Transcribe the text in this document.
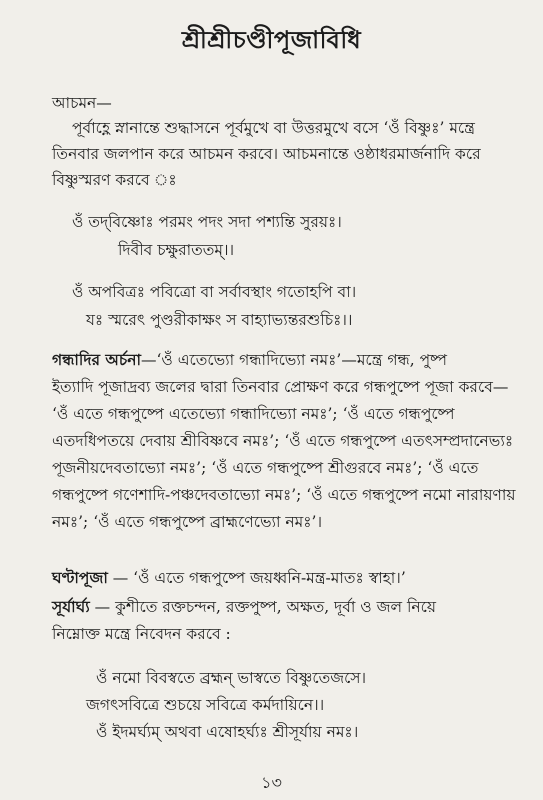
শ্রীশ্রীচণ্ডীপূজাবিধি
আচমন—
পূর্বাহ্ণে স্নানান্তে শুদ্ধাসনে পূর্বমুখে বা উত্তরমুখে বসে ‘ওঁ বিষ্ণুঃ’ মন্ত্রে
তিনবার জলপান করে আচমন করবে। আচমনান্তে ওষ্ঠাধরমার্জনাদি করে
বিষ্ণুস্মরণ করবে ঃ
ওঁ তদ্‌বিষ্ণোঃ পরমং পদং সদা পশ্যন্তি সুরয়ঃ।
দিবীব চক্ষুরাততম্‌।।
ওঁ অপবিত্রঃ পবিত্রো বা সর্বাবস্থাং গতোহপি বা।
যঃ স্মরেৎ পুণ্ডরীকাক্ষং স বাহ্যাভ্যন্তরশুচিঃ।।
গন্ধাদির অর্চনা—‘ওঁ এতেভ্যো গন্ধাদিভ্যো নমঃ’—মন্ত্রে গন্ধ, পুষ্প
ইত্যাদি পূজাদ্রব্য জলের দ্বারা তিনবার প্রোক্ষণ করে গন্ধপুষ্পে পূজা করবে—
‘ওঁ এতে গন্ধপুষ্পে এতেভ্যো গন্ধাদিভ্যো নমঃ’; ‘ওঁ এতে গন্ধপুষ্পে
এতদধিপতয়ে দেবায় শ্রীবিষ্ণবে নমঃ’; ‘ওঁ এতে গন্ধপুষ্পে এতৎসম্প্রদানেভ্যঃ
পূজনীয়দেবতাভ্যো নমঃ’; ‘ওঁ এতে গন্ধপুষ্পে শ্রীগুরবে নমঃ’; ‘ওঁ এতে
গন্ধপুষ্পে গণেশাদি-পঞ্চদেবতাভ্যো নমঃ’; ‘ওঁ এতে গন্ধপুষ্পে নমো নারায়ণায়
নমঃ’; ‘ওঁ এতে গন্ধপুষ্পে ব্রাহ্মণেভ্যো নমঃ’।
ঘণ্টাপূজা — ‘ওঁ এতে গন্ধপুষ্পে জয়ধ্বনি-মন্ত্র-মাতঃ স্বাহা।’
সূর্যার্ঘ্য — কুশীতে রক্তচন্দন, রক্তপুষ্প, অক্ষত, দূর্বা ও জল নিয়ে
নিম্নোক্ত মন্ত্রে নিবেদন করবে :
ওঁ নমো বিবস্বতে ব্রহ্মন্‌ ভাস্বতে বিষ্ণুতেজসে।
জগৎসবিত্রে শুচয়ে সবিত্রে কর্মদায়িনে।।
ওঁ ইদমর্ঘ্যম্‌ অথবা এষোহর্ঘ্যঃ শ্রীসূর্যায় নমঃ।
১৩
